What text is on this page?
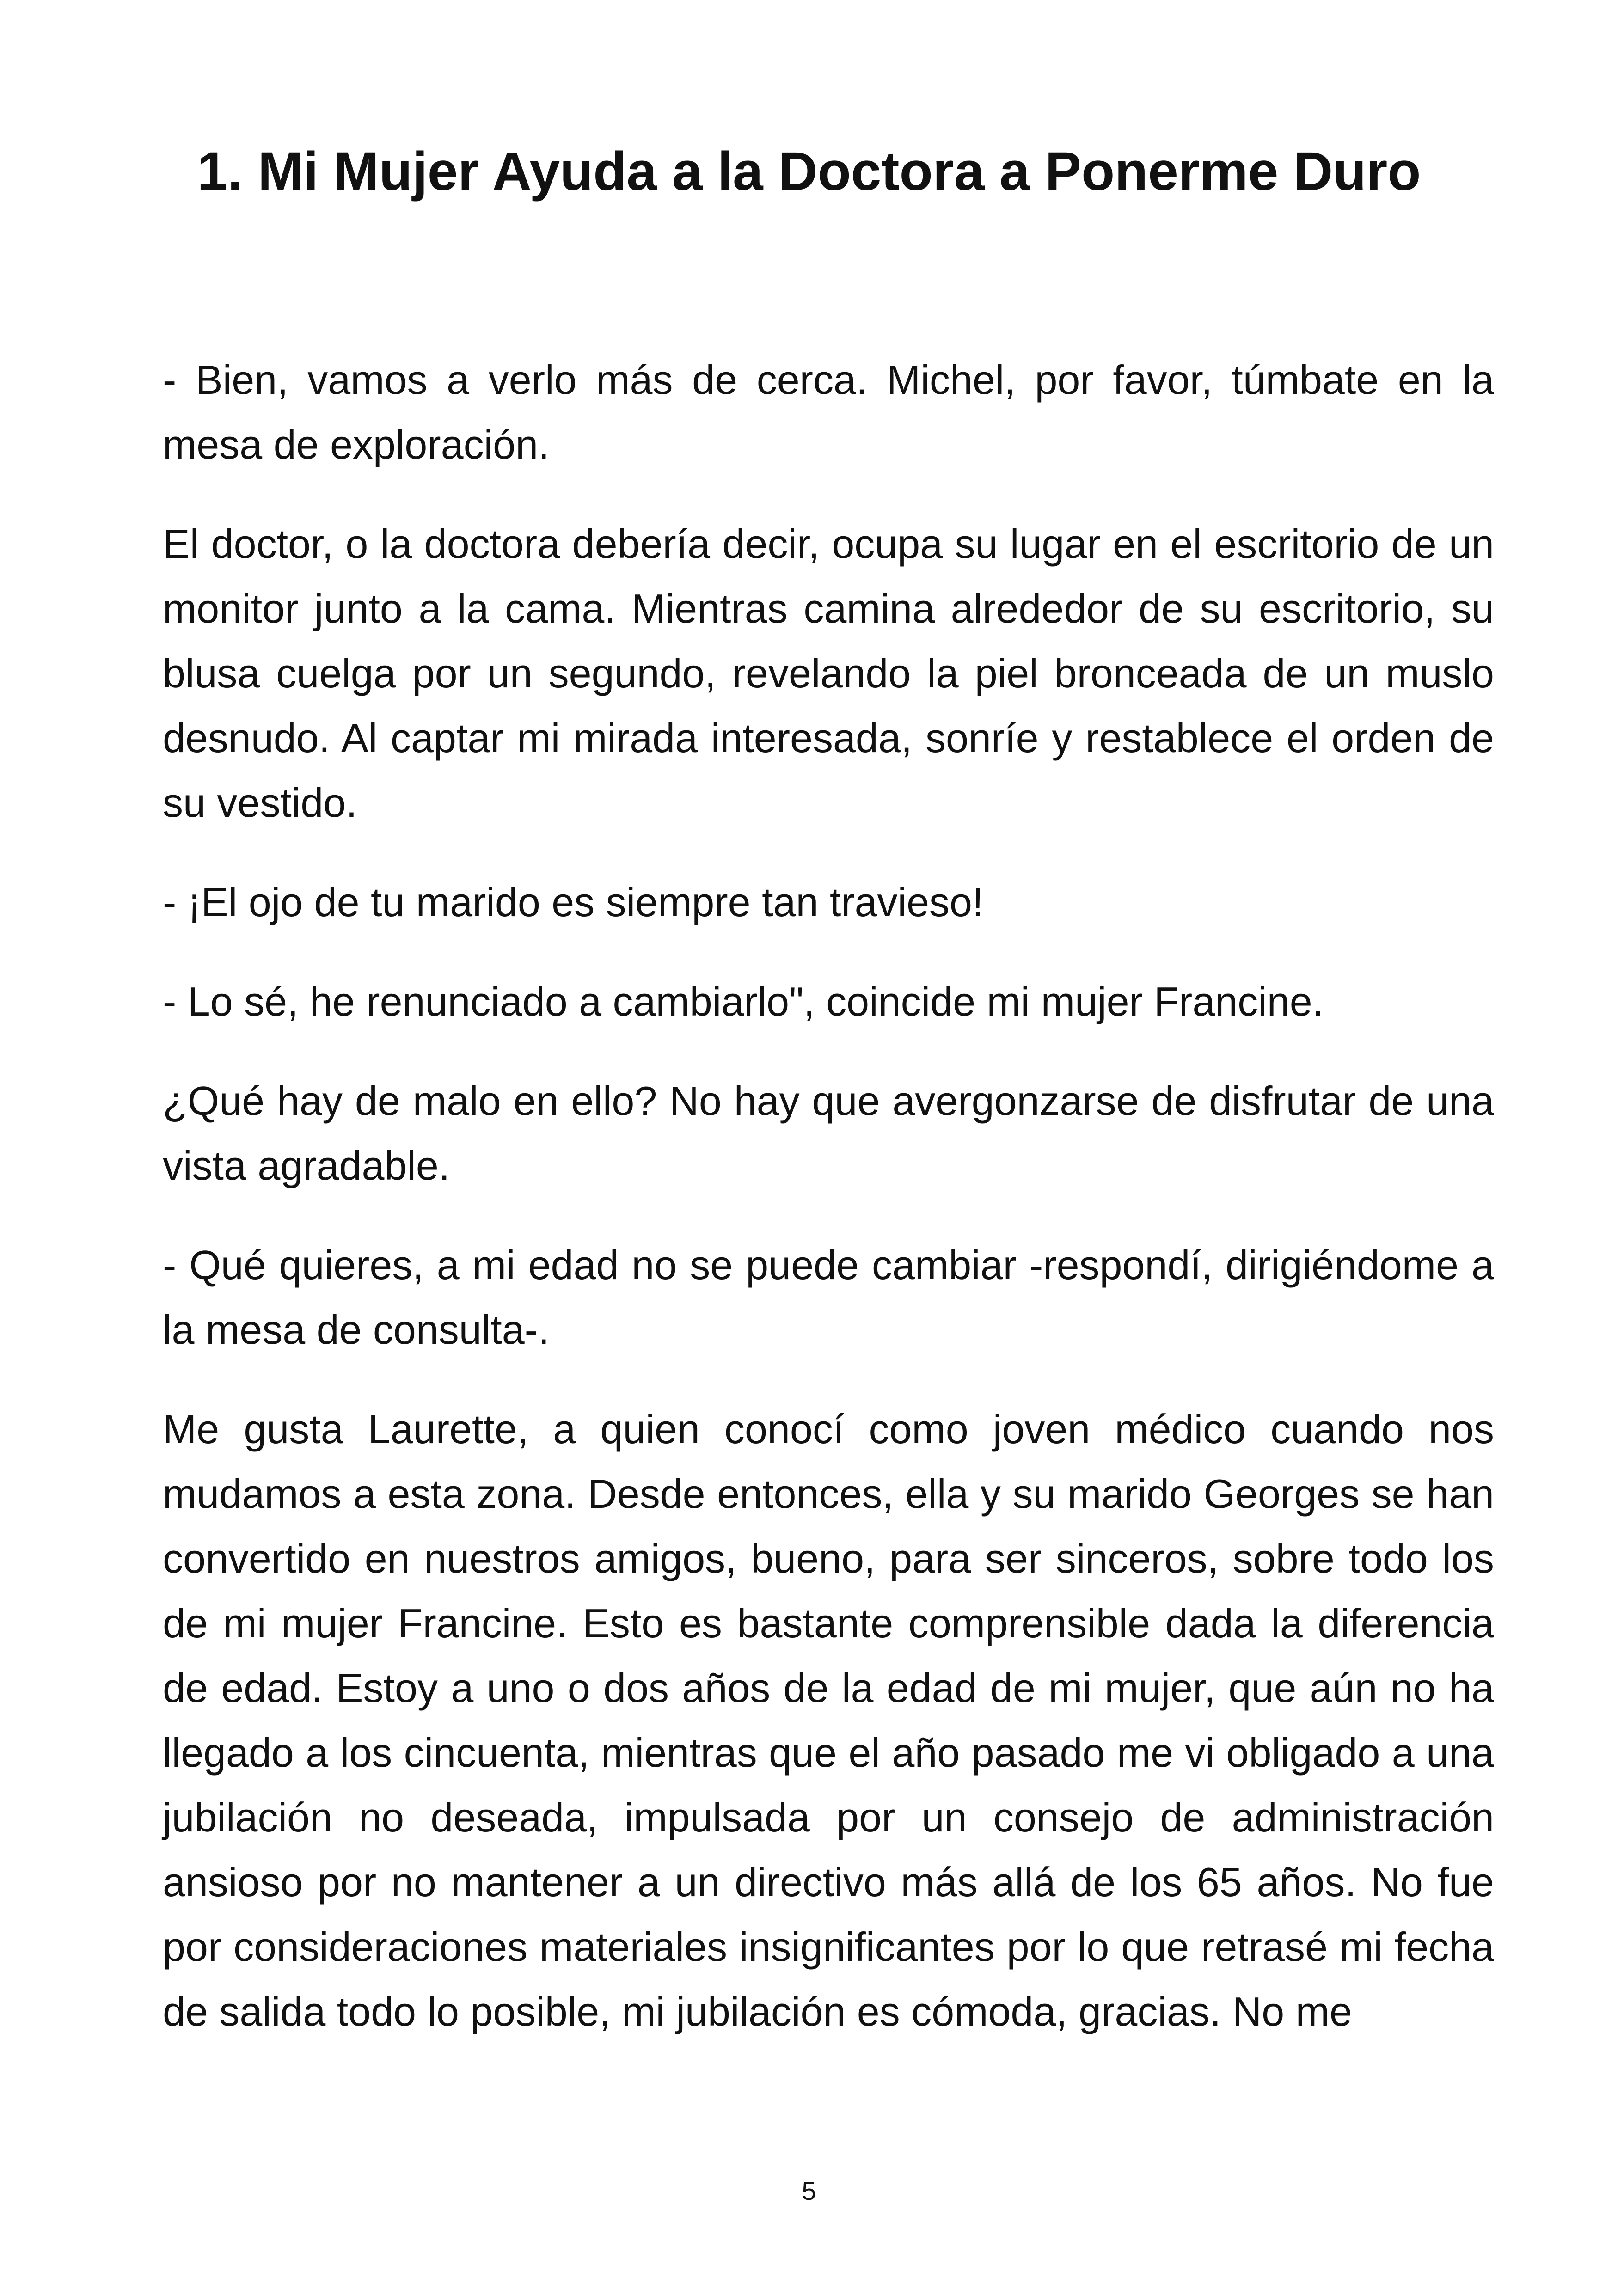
1. Mi Mujer Ayuda a la Doctora a Ponerme Duro

- Bien, vamos a verlo más de cerca. Michel, por favor, túmbate en la mesa de exploración.

El doctor, o la doctora debería decir, ocupa su lugar en el escritorio de un monitor junto a la cama. Mientras camina alrededor de su escritorio, su blusa cuelga por un segundo, revelando la piel bronceada de un muslo desnudo. Al captar mi mirada interesada, sonríe y restablece el orden de su vestido.

- ¡El ojo de tu marido es siempre tan travieso!

- Lo sé, he renunciado a cambiarlo", coincide mi mujer Francine.

¿Qué hay de malo en ello? No hay que avergonzarse de disfrutar de una vista agradable.

- Qué quieres, a mi edad no se puede cambiar -respondí, dirigiéndome a la mesa de consulta-.

Me gusta Laurette, a quien conocí como joven médico cuando nos mudamos a esta zona. Desde entonces, ella y su marido Georges se han convertido en nuestros amigos, bueno, para ser sinceros, sobre todo los de mi mujer Francine. Esto es bastante comprensible dada la diferencia de edad. Estoy a uno o dos años de la edad de mi mujer, que aún no ha llegado a los cincuenta, mientras que el año pasado me vi obligado a una jubilación no deseada, impulsada por un consejo de administración ansioso por no mantener a un directivo más allá de los 65 años. No fue por consideraciones materiales insignificantes por lo que retrasé mi fecha de salida todo lo posible, mi jubilación es cómoda, gracias. No me

5
